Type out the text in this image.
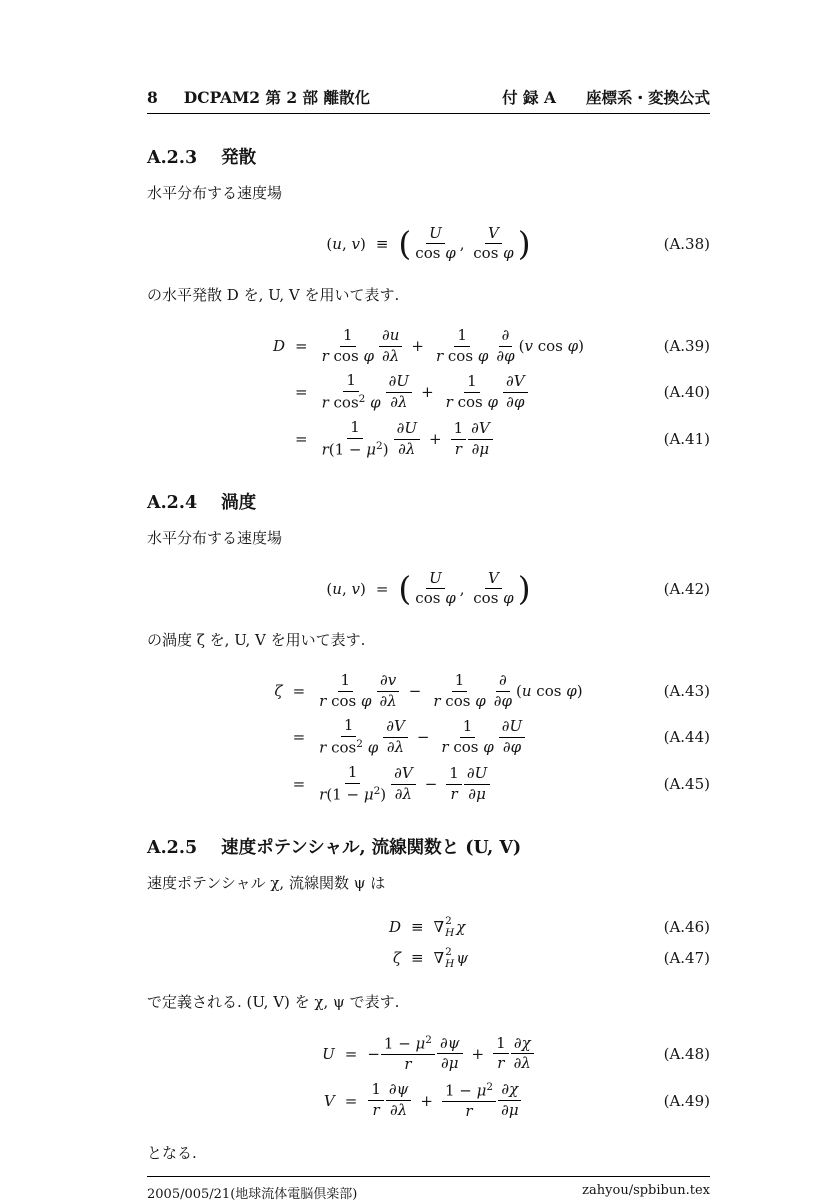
8 DCPAM2 第 2 部 離散化	付 録 A 座標系・変換公式
A.2.3 発散

水平分布する速度場

( u , v ) ≡ ( $\frac{U}{\text{cos φ}}$ , $\frac{V}{\text{cos φ}}$ )	(A.38)

の水平発散 D を, U, V を用いて表す.

$D = \frac{1}{\text{r cos φ}} \frac{\partial u}{\partial\lambda} + \frac{1}{\text{r cos φ}} \frac{\partial}{\partial\varphi}$ ( v cos φ )	(A.39)
= $\frac{1}{r \cos^2 \varphi} \frac{\partial U}{\partial\lambda} + \frac{1}{\text{r cos φ}} \frac{\partial V}{\partial\varphi}$	(A.40)
= $\frac{1}{r(1 - \mu^2)} \frac{\partial U}{\partial\lambda} + \frac{1}{r} \frac{\partial V}{\partial\mu}$	(A.41)
A.2.4 渦度

水平分布する速度場

( u , v ) = ( $\frac{U}{\text{cos φ}}$ , $\frac{V}{\text{cos φ}}$ )	(A.42)

の渦度 ζ を, U, V を用いて表す.

$\zeta = \frac{1}{\text{r cos φ}} \frac{\partial v}{\partial\lambda} - \frac{1}{\text{r cos φ}} \frac{\partial}{\partial\varphi}$ ( u cos φ )	(A.43)
= $\frac{1}{r \cos^2 \varphi} \frac{\partial V}{\partial\lambda} - \frac{1}{\text{r cos φ}} \frac{\partial U}{\partial\varphi}$	(A.44)
= $\frac{1}{r(1 - \mu^2)} \frac{\partial V}{\partial\lambda} - \frac{1}{r} \frac{\partial U}{\partial\mu}$	(A.45)
A.2.5 速度ポテンシャル, 流線関数と (U, V)

速度ポテンシャル χ, 流線関数 ψ は

D ≡ ∇ 2
H χ	(A.46)
ζ ≡ ∇ 2
H ψ	(A.47)

で定義される. (U, V) を χ, ψ で表す.

U = − $\frac{1 - \mu^2}{r} \frac{\partial\psi}{\partial\mu} + \frac{1}{r} \frac{\partial\chi}{\partial\lambda}$	(A.48)
$V = \frac{1}{r} \frac{\partial\psi}{\partial\lambda} + \frac{1 - \mu^2}{r} \frac{\partial\chi}{\partial\mu}$	(A.49)

となる.

2005/005/21(地球流体電脳倶楽部)	zahyou/spbibun.tex
